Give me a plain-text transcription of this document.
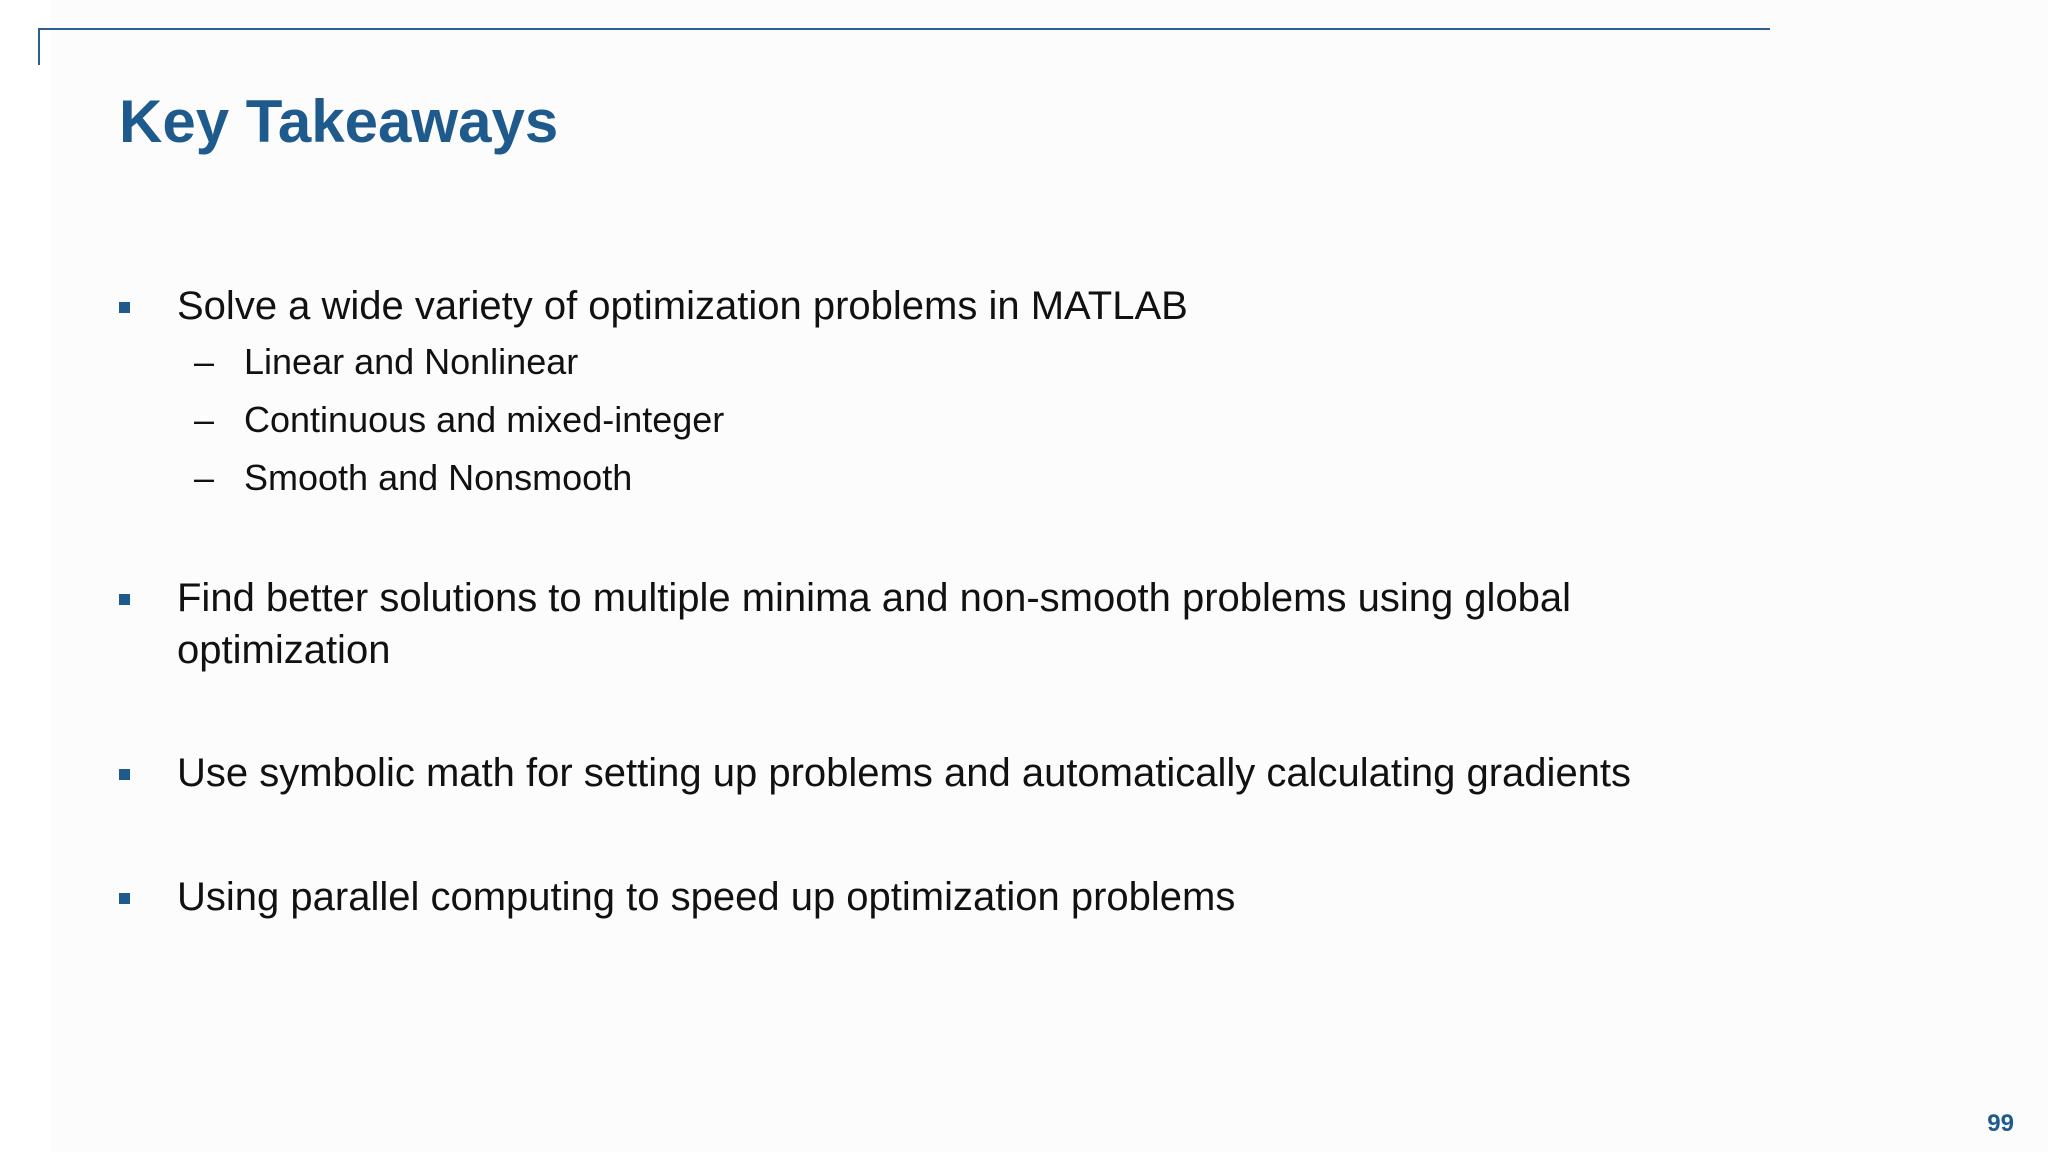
Key Takeaways
Solve a wide variety of optimization problems in MATLAB
– Linear and Nonlinear
– Continuous and mixed-integer
– Smooth and Nonsmooth
Find better solutions to multiple minima and non-smooth problems using global optimization
Use symbolic math for setting up problems and automatically calculating gradients
Using parallel computing to speed up optimization problems
99
